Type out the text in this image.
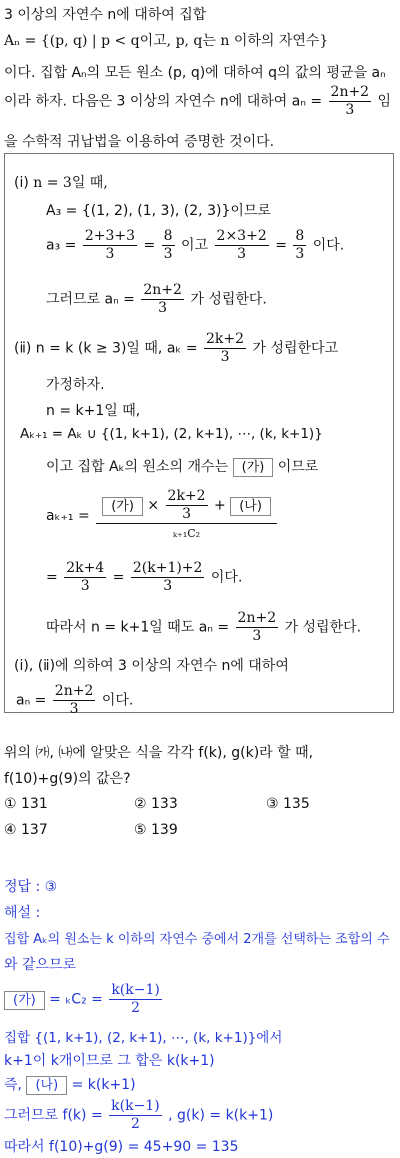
3 이상의 자연수 n에 대하여 집합
Aₙ = {(p, q) | p < q이고, p, q는 n 이하의 자연수}
이다. 집합 Aₙ의 모든 원소 (p, q)에 대하여 q의 값의 평균을 aₙ
이라 하자. 다음은 3 이상의 자연수 n에 대하여 $a_n = \frac{2n+2}{3}$ 임
을 수학적 귀납법을 이용하여 증명한 것이다.
(ⅰ) n = 3일 때,
A₃ = {(1, 2), (1, 3), (2, 3)}이므로
$a_3 = \frac{2+3+3}{3} = \frac{8}{3}$ 이고 $\frac{2\times 3+2}{3} = \frac{8}{3}$ 이다.
그러므로 $a_n = \frac{2n+2}{3}$ 가 성립한다.
(ⅱ) n = k (k ≥ 3)일 때, $a_k = \frac{2k+2}{3}$ 가 성립한다고
가정하자.
n = k+1일 때,
Aₖ₊₁ = Aₖ ∪ {(1, k+1), (2, k+1), ⋯, (k, k+1)}
이고 집합 Aₖ의 원소의 개수는 (가) 이므로
$a_{k+1} = \frac{(가) \times \frac{2k+2}{3} + (나)}{\text{ₖ₊₁C₂}}$
= $\frac{2k+4}{3} = \frac{2(k+1)+2}{3}$ 이다.
따라서 n = k+1일 때도 $a_n = \frac{2n+2}{3}$ 가 성립한다.
(ⅰ), (ⅱ)에 의하여 3 이상의 자연수 n에 대하여
$a_n = \frac{2n+2}{3}$ 이다.
위의 ㈎, ㈏에 알맞은 식을 각각 f(k), g(k)라 할 때,
f(10)+g(9)의 값은?
① 131	② 133	③ 135
④ 137	⑤ 139
정답 : ③
해설 :
집합 Aₖ의 원소는 k 이하의 자연수 중에서 2개를 선택하는 조합의 수
와 같으므로
(가) = $_kC_2 = \frac{k(k-1)}{2}$
집합 {(1, k+1), (2, k+1), ⋯, (k, k+1)}에서
k+1이 k개이므로 그 합은 k(k+1)
즉, (나) = k(k+1)
그러므로 $f(k) = \frac{k(k-1)}{2}$ , g(k) = k(k+1)
따라서 f(10)+g(9) = 45+90 = 135
